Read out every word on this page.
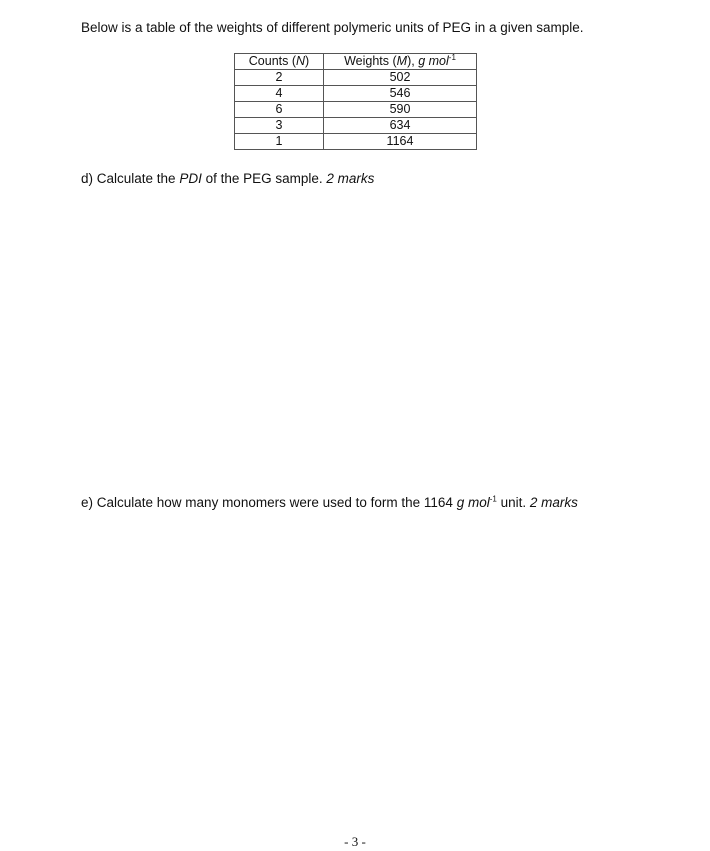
Below is a table of the weights of different polymeric units of PEG in a given sample.
Counts (N)	Weights (M), g mol$^{-1}$
2	502
4	546
6	590
3	634
1	1164
d) Calculate the PDI of the PEG sample. 2 marks
e) Calculate how many monomers were used to form the 1164 g mol$^{-1}$ unit. 2 marks
- 3 -
